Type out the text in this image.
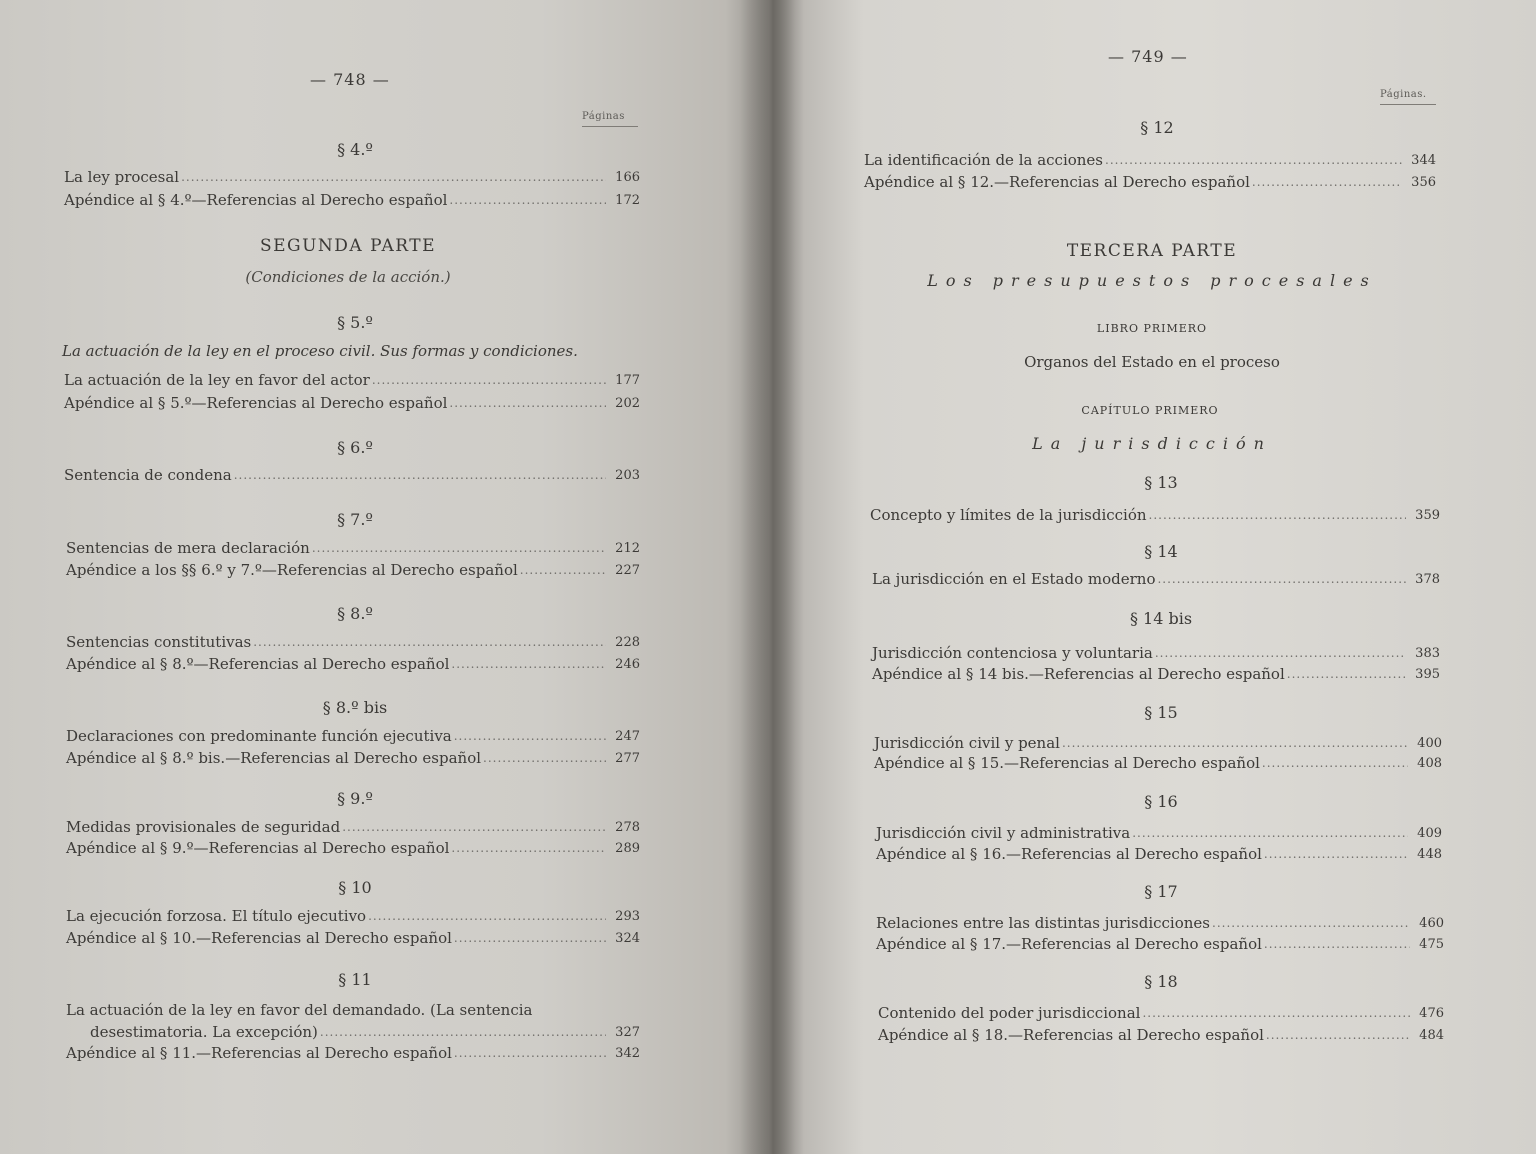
— 748 —
Páginas
§ 4.º
La ley procesal .....	166
Apéndice al § 4.º—Referencias al Derecho español .....	172
SEGUNDA PARTE
(Condiciones de la acción.)
§ 5.º
La actuación de la ley en el proceso civil. Sus formas y condiciones.
La actuación de la ley en favor del actor .....	177
Apéndice al § 5.º—Referencias al Derecho español .....	202
§ 6.º
Sentencia de condena .....	203
§ 7.º
Sentencias de mera declaración .....	212
Apéndice a los §§ 6.º y 7.º—Referencias al Derecho español .....	227
§ 8.º
Sentencias constitutivas .....	228
Apéndice al § 8.º—Referencias al Derecho español .....	246
§ 8.º bis
Declaraciones con predominante función ejecutiva .....	247
Apéndice al § 8.º bis.—Referencias al Derecho español .....	277
§ 9.º
Medidas provisionales de seguridad .....	278
Apéndice al § 9.º—Referencias al Derecho español .....	289
§ 10
La ejecución forzosa. El título ejecutivo .....	293
Apéndice al § 10.—Referencias al Derecho español .....	324
§ 11
La actuación de la ley en favor del demandado. (La sentencia
desestimatoria. La excepción) .....	327
Apéndice al § 11.—Referencias al Derecho español .....	342
— 749 —
Páginas.
§ 12
La identificación de la acciones .....	344
Apéndice al § 12.—Referencias al Derecho español .....	356
TERCERA PARTE
Los presupuestos procesales
LIBRO PRIMERO
Organos del Estado en el proceso
CAPÍTULO PRIMERO
La jurisdicción
§ 13
Concepto y límites de la jurisdicción .....	359
§ 14
La jurisdicción en el Estado moderno .....	378
§ 14 bis
Jurisdicción contenciosa y voluntaria .....	383
Apéndice al § 14 bis.—Referencias al Derecho español .....	395
§ 15
Jurisdicción civil y penal .....	400
Apéndice al § 15.—Referencias al Derecho español .....	408
§ 16
Jurisdicción civil y administrativa .....	409
Apéndice al § 16.—Referencias al Derecho español .....	448
§ 17
Relaciones entre las distintas jurisdicciones .....	460
Apéndice al § 17.—Referencias al Derecho español .....	475
§ 18
Contenido del poder jurisdiccional .....	476
Apéndice al § 18.—Referencias al Derecho español .....	484
